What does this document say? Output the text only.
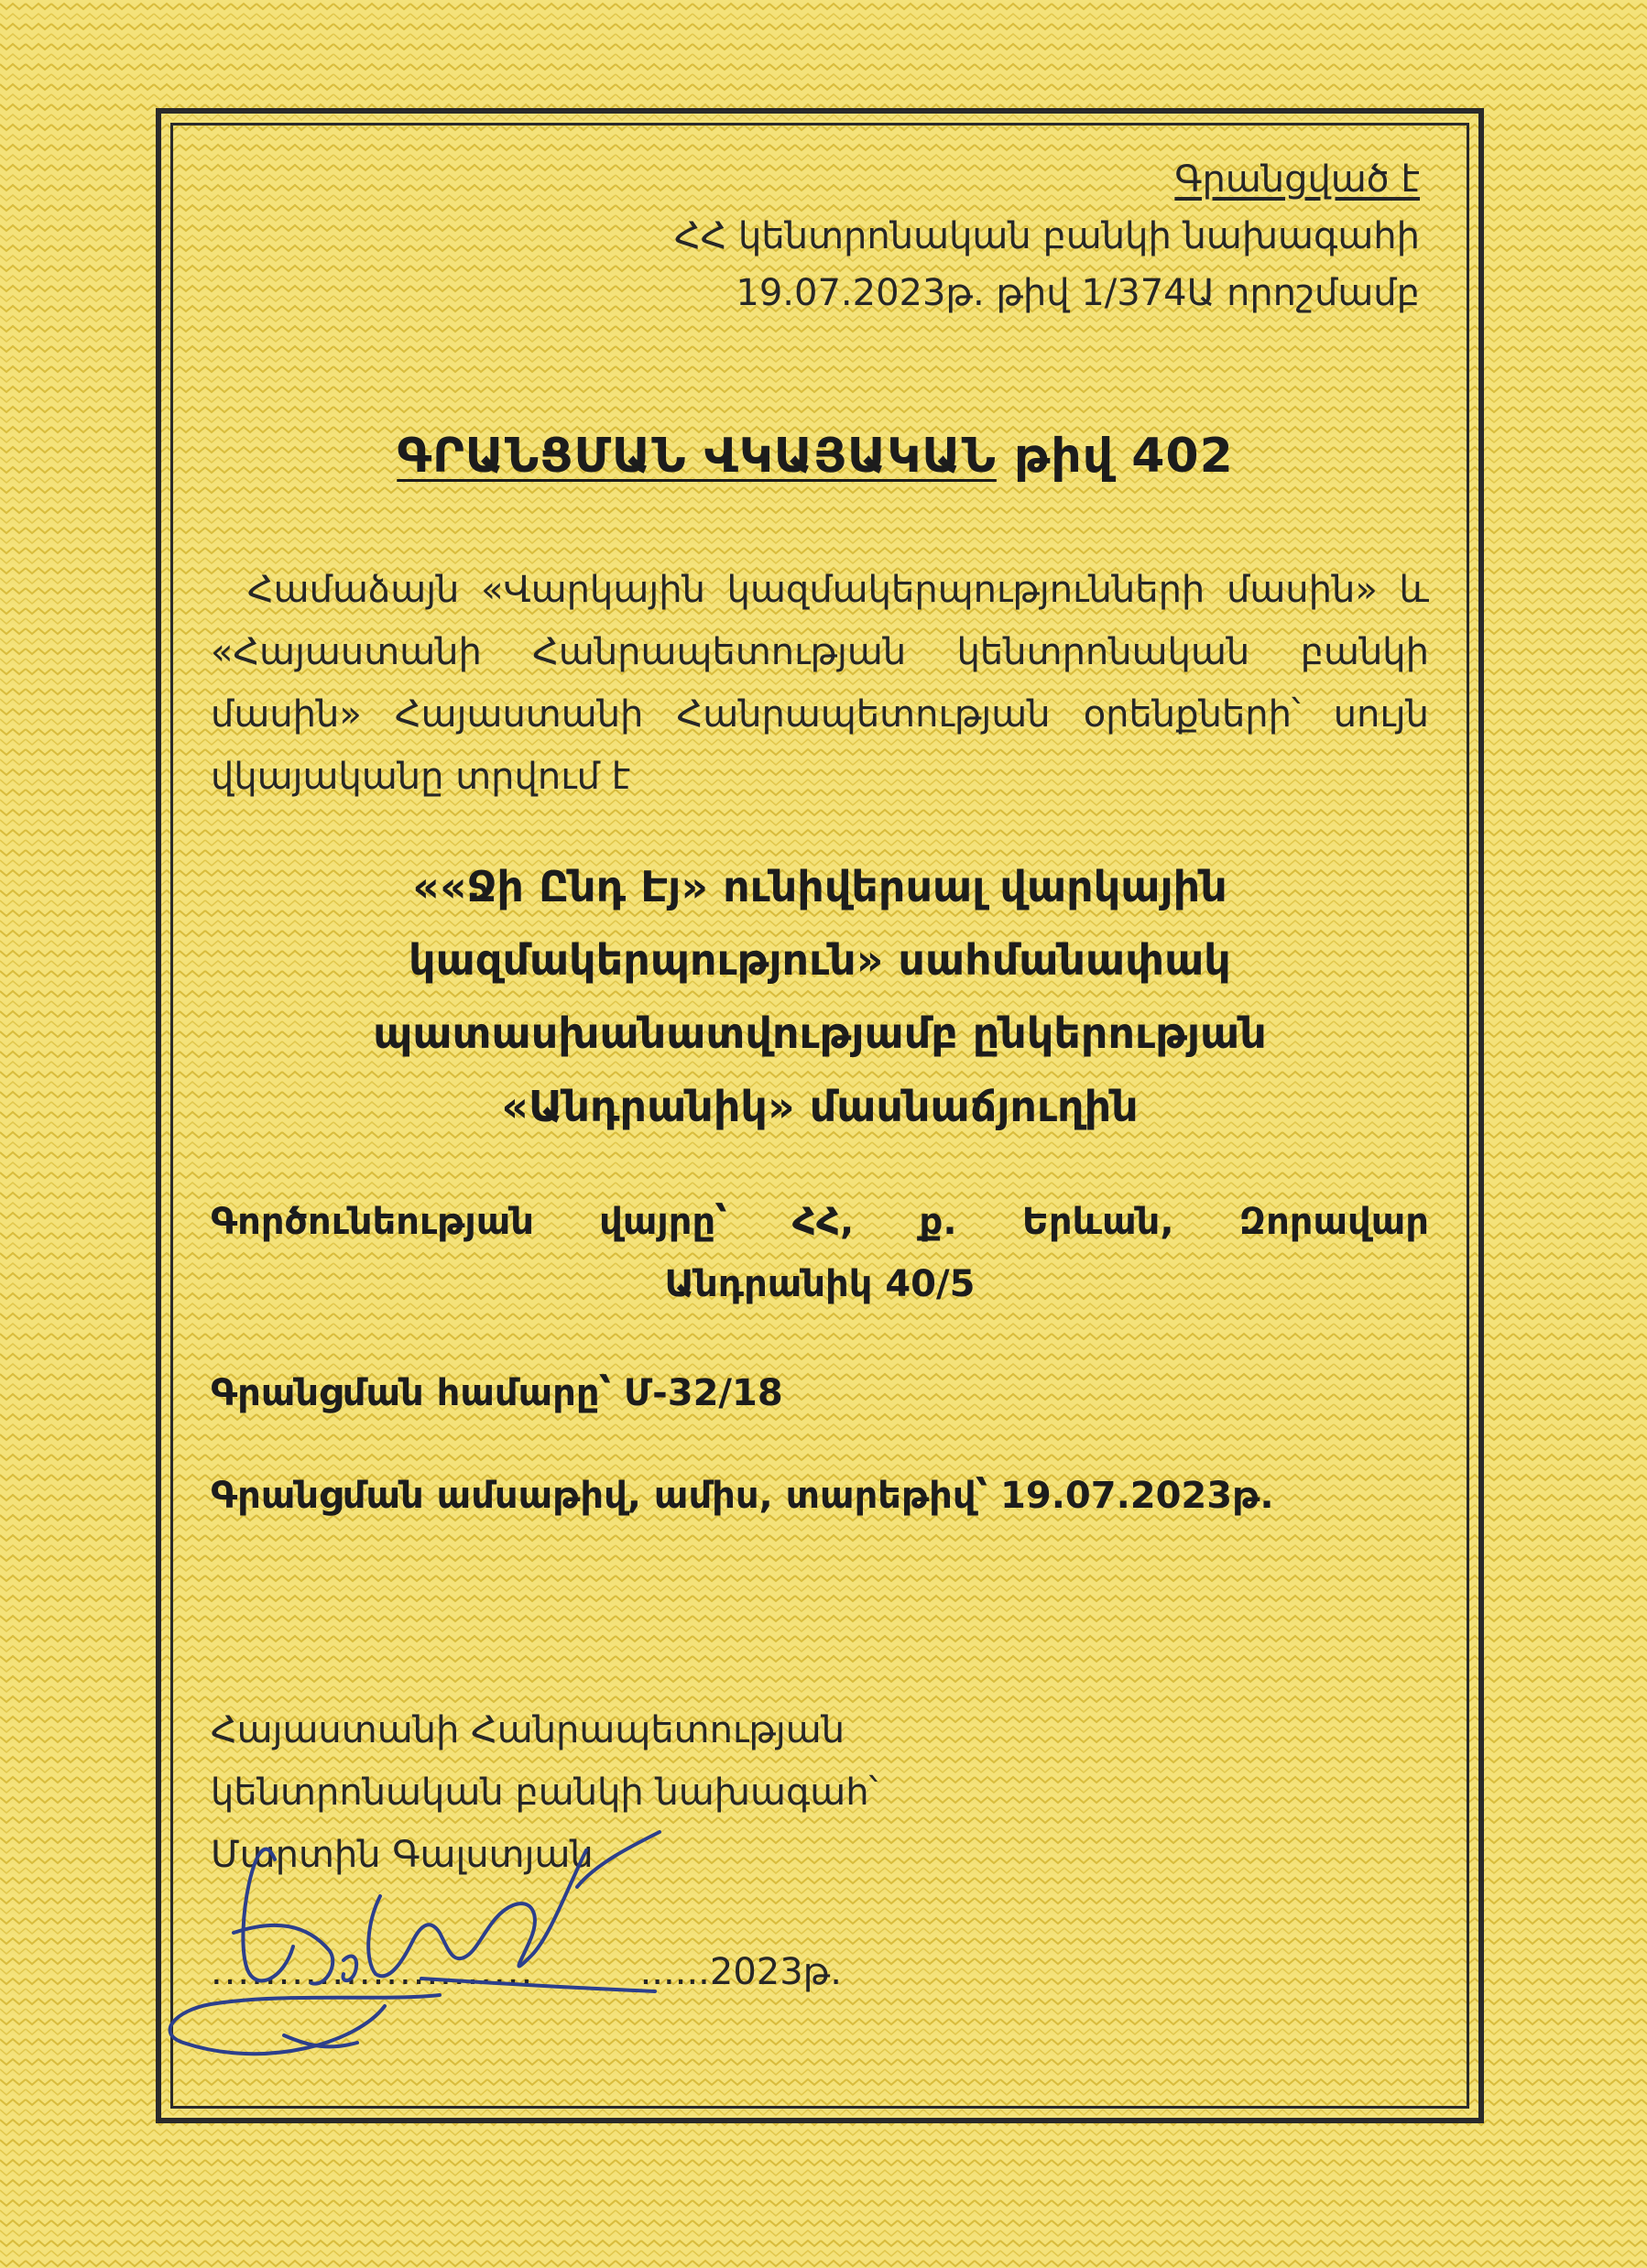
Գրանցված է
ՀՀ կենտրոնական բանկի նախագահի
19.07.2023թ. թիվ 1/374Ա որոշմամբ
ԳՐԱՆՑՄԱՆ ՎԿԱՅԱԿԱՆ թիվ 402

Համաձայն «Վարկային կազմակերպությունների մասին» և «Հայաստանի Հանրապետության կենտրոնական բանկի մասին» Հայաստանի Հանրապետության օրենքների՝ սույն վկայականը տրվում է

««Ջի Ընդ Էյ» ունիվերսալ վարկային
կազմակերպություն» սահմանափակ
պատասխանատվությամբ ընկերության
«Անդրանիկ» մասնաճյուղին
Գործունեության վայրը՝ ՀՀ, ք. Երևան, Զորավար
Անդրանիկ 40/5
Գրանցման համարը՝ Մ-32/18
Գրանցման ամսաթիվ, ամիս, տարեթիվ՝ 19.07.2023թ.
Հայաստանի Հանրապետության
կենտրոնական բանկի նախագահ՝
Մարտին Գալստյան
........................	......2023թ.
